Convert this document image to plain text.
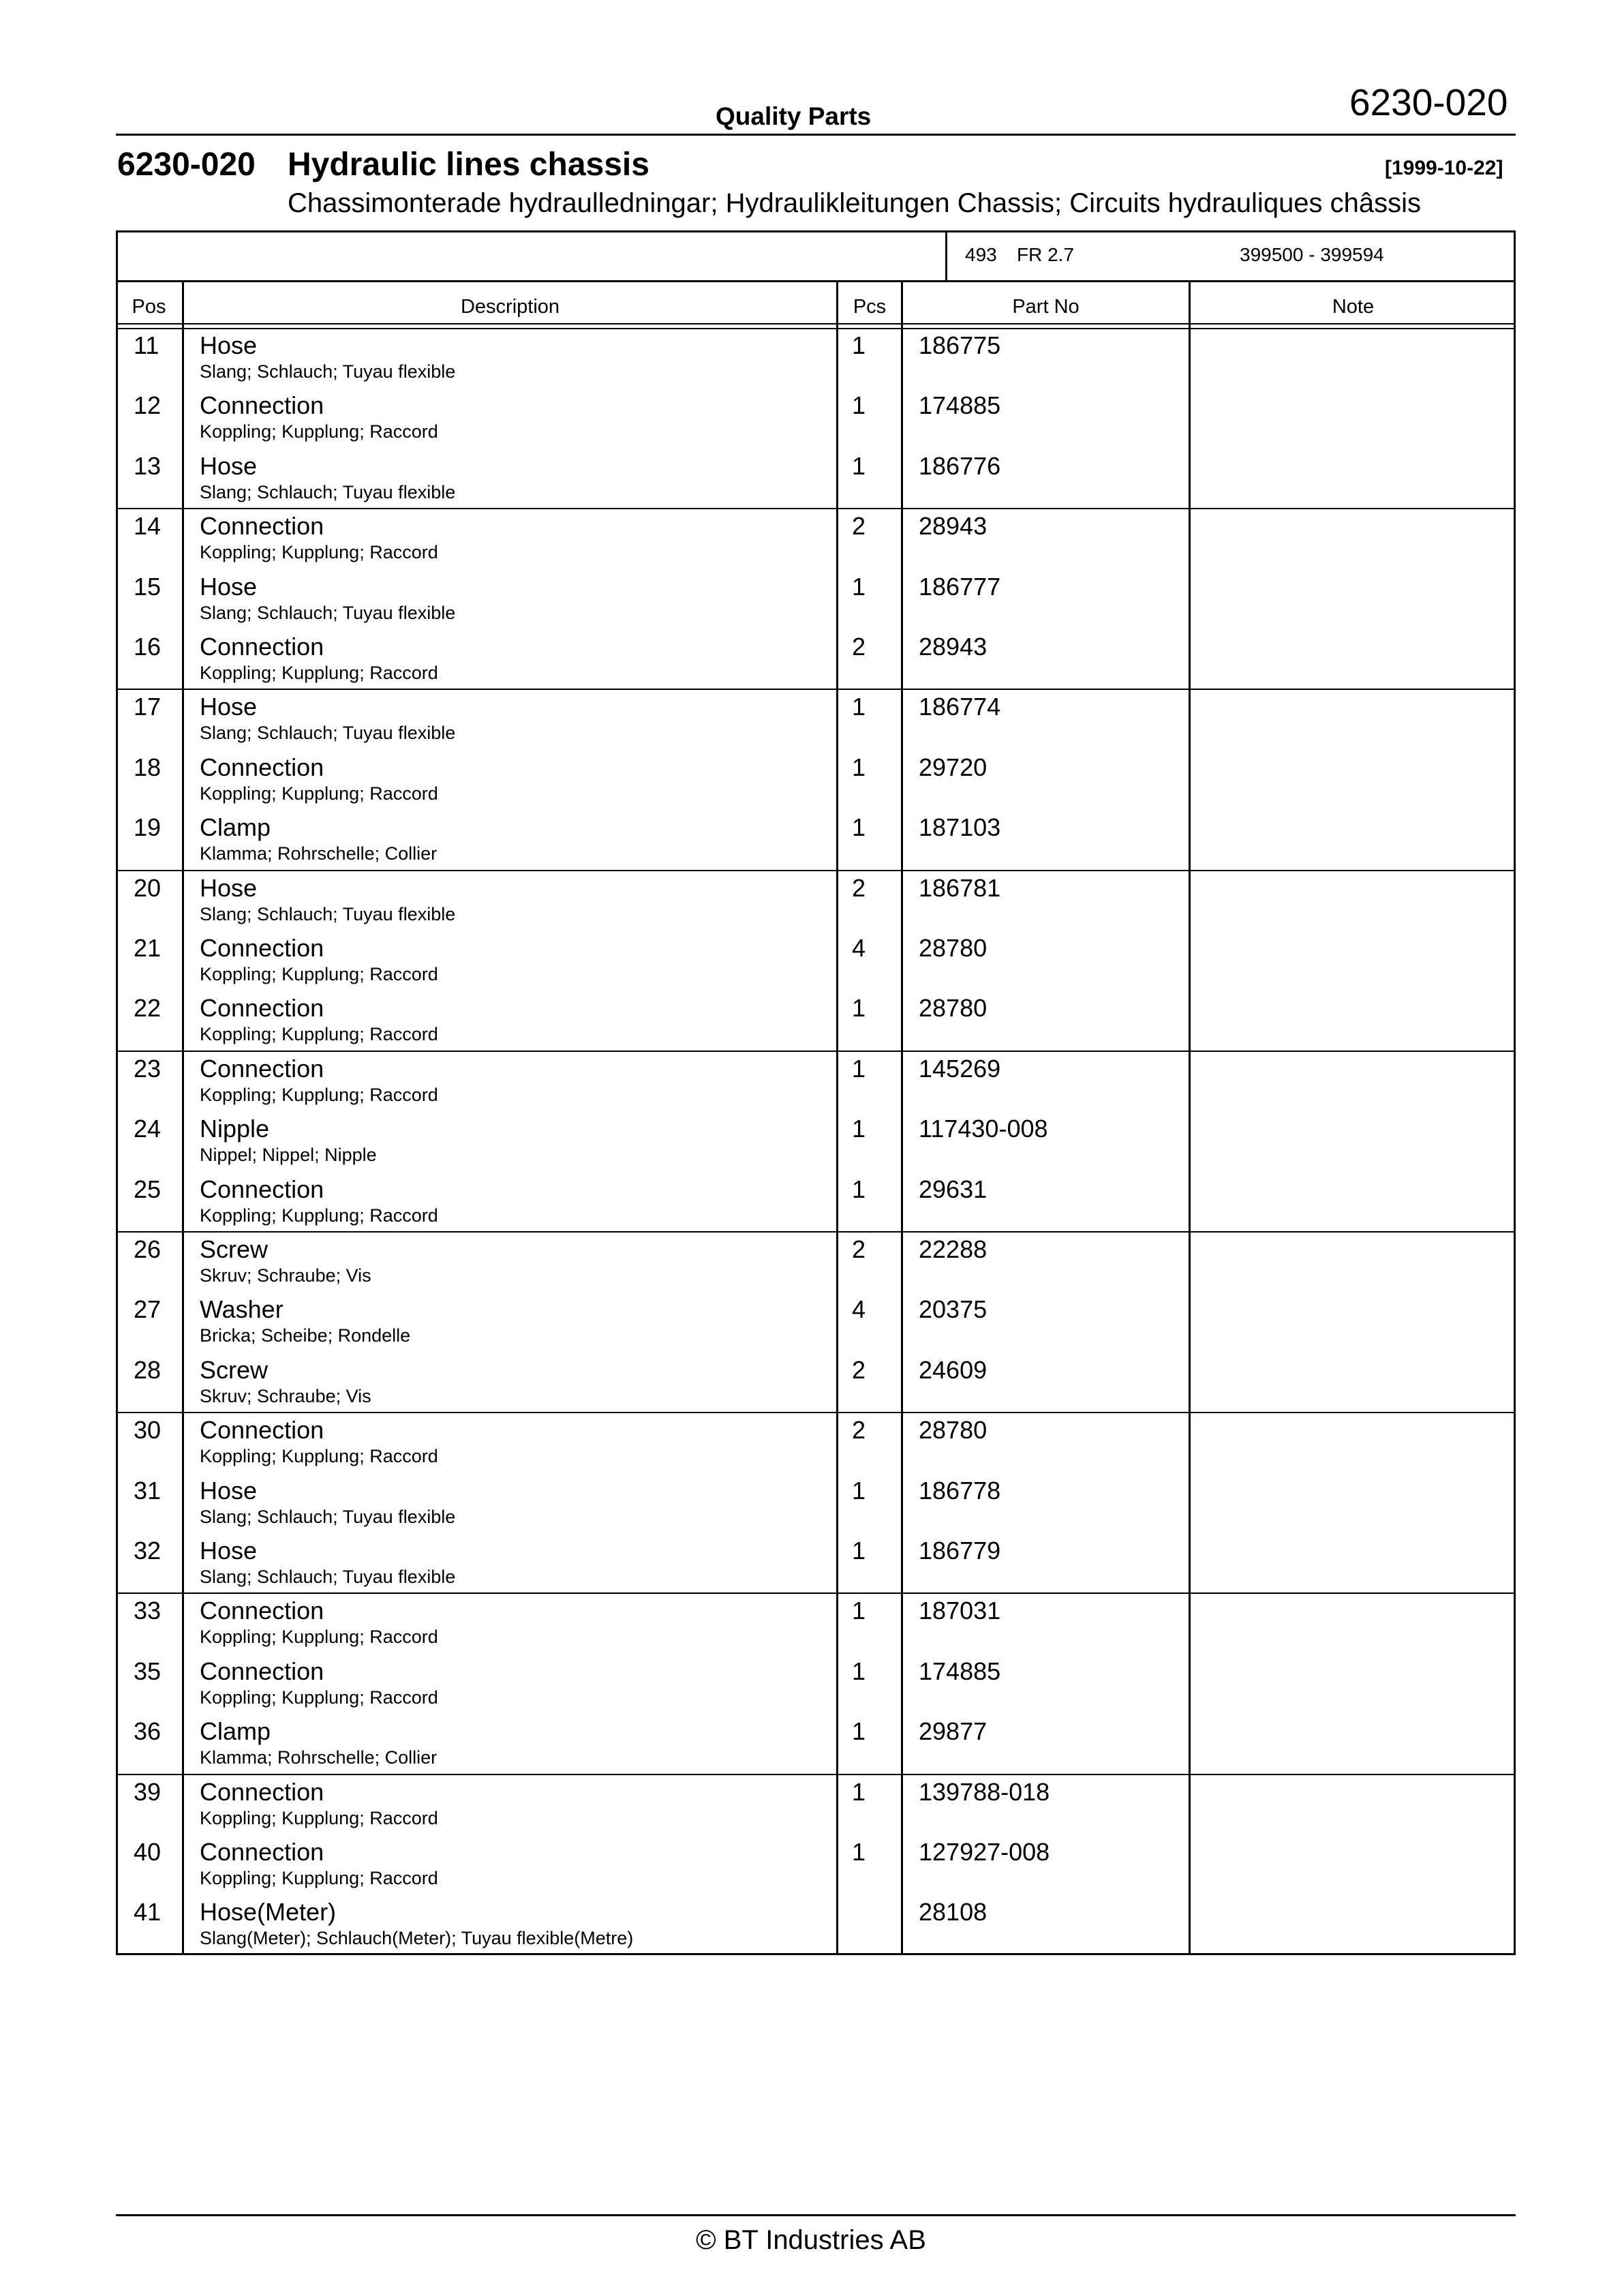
Quality Parts	6230-020
6230-020 Hydraulic lines chassis	[1999-10-22]
Chassimonterade hydraulledningar; Hydraulikleitungen Chassis; Circuits hydrauliques châssis
493 FR 2.7	399500 - 399594
Pos	Description	Pcs	Part No	Note
11 Hose
Slang; Schlauch; Tuyau flexible
1 186775
12 Connection
Koppling; Kupplung; Raccord
1 174885
13 Hose
Slang; Schlauch; Tuyau flexible
1 186776
14 Connection
Koppling; Kupplung; Raccord
2 28943
15 Hose
Slang; Schlauch; Tuyau flexible
1 186777
16 Connection
Koppling; Kupplung; Raccord
2 28943
17 Hose
Slang; Schlauch; Tuyau flexible
1 186774
18 Connection
Koppling; Kupplung; Raccord
1 29720
19 Clamp
Klamma; Rohrschelle; Collier
1 187103
20 Hose
Slang; Schlauch; Tuyau flexible
2 186781
21 Connection
Koppling; Kupplung; Raccord
4 28780
22 Connection
Koppling; Kupplung; Raccord
1 28780
23 Connection
Koppling; Kupplung; Raccord
1 145269
24 Nipple
Nippel; Nippel; Nipple
1 117430-008
25 Connection
Koppling; Kupplung; Raccord
1 29631
26 Screw
Skruv; Schraube; Vis
2 22288
27 Washer
Bricka; Scheibe; Rondelle
4 20375
28 Screw
Skruv; Schraube; Vis
2 24609
30 Connection
Koppling; Kupplung; Raccord
2 28780
31 Hose
Slang; Schlauch; Tuyau flexible
1 186778
32 Hose
Slang; Schlauch; Tuyau flexible
1 186779
33 Connection
Koppling; Kupplung; Raccord
1 187031
35 Connection
Koppling; Kupplung; Raccord
1 174885
36 Clamp
Klamma; Rohrschelle; Collier
1 29877
39 Connection
Koppling; Kupplung; Raccord
1 139788-018
40 Connection
Koppling; Kupplung; Raccord
1 127927-008
41 Hose(Meter)
Slang(Meter); Schlauch(Meter); Tuyau flexible(Metre)
28108
© BT Industries AB
